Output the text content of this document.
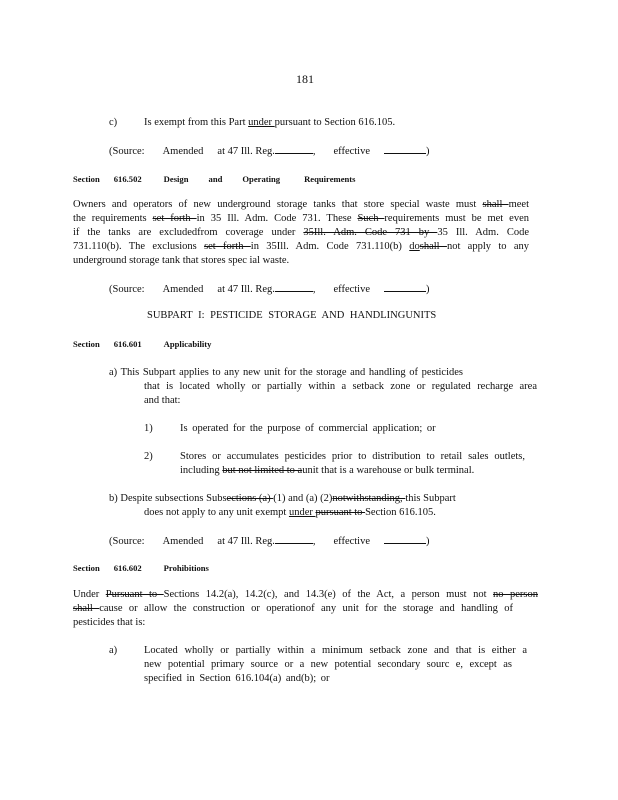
181
c)	Is exempt from this Part under pursuant to Section 616.105.
(Source: Amended at 47 Ill. Reg.	, effective	)
Section 616.502	Design and Operating	Requirements
Owners and operators of new underground storage tanks that store special waste must shall meet
the requirements set forth in 35 Ill. Adm. Code 731. These Such requirements must be met even
if the tanks are excludedfrom coverage under 35Ill. Adm. Code 731 by 35 Ill. Adm. Code
731.110(b). The exclusions set forth in 35Ill. Adm. Code 731.110(b) doshall not apply to any
underground storage tank that stores spec ial waste.
(Source: Amended at 47 Ill. Reg.	, effective	)
SUBPART I: PESTICIDE STORAGE AND HANDLINGUNITS
Section 616.601	Applicability
a) This Subpart applies to any new unit for the storage and handling of pesticides
that is located wholly or partially within a setback zone or regulated recharge area
and that:
1)	Is operated for the purpose of commercial application; or
2)	Stores or accumulates pesticides prior to distribution to retail sales outlets,
including but not limited to aunit that is a warehouse or bulk terminal.
b) Despite subsections Subsections (a) (1) and (a) (2)notwithstanding, this Subpart
does not apply to any unit exempt under pursuant to Section 616.105.
(Source: Amended at 47 Ill. Reg.	, effective	)
Section 616.602	Prohibitions
Under Pursuant to Sections 14.2(a), 14.2(c), and 14.3(e) of the Act, a person must not no person
shall cause or allow the construction or operationof any unit for the storage and handling of
pesticides that is:
a)	Located wholly or partially within a minimum setback zone and that is either a
new potential primary source or a new potential secondary sourc e, except as
specified in Section 616.104(a) and(b); or
